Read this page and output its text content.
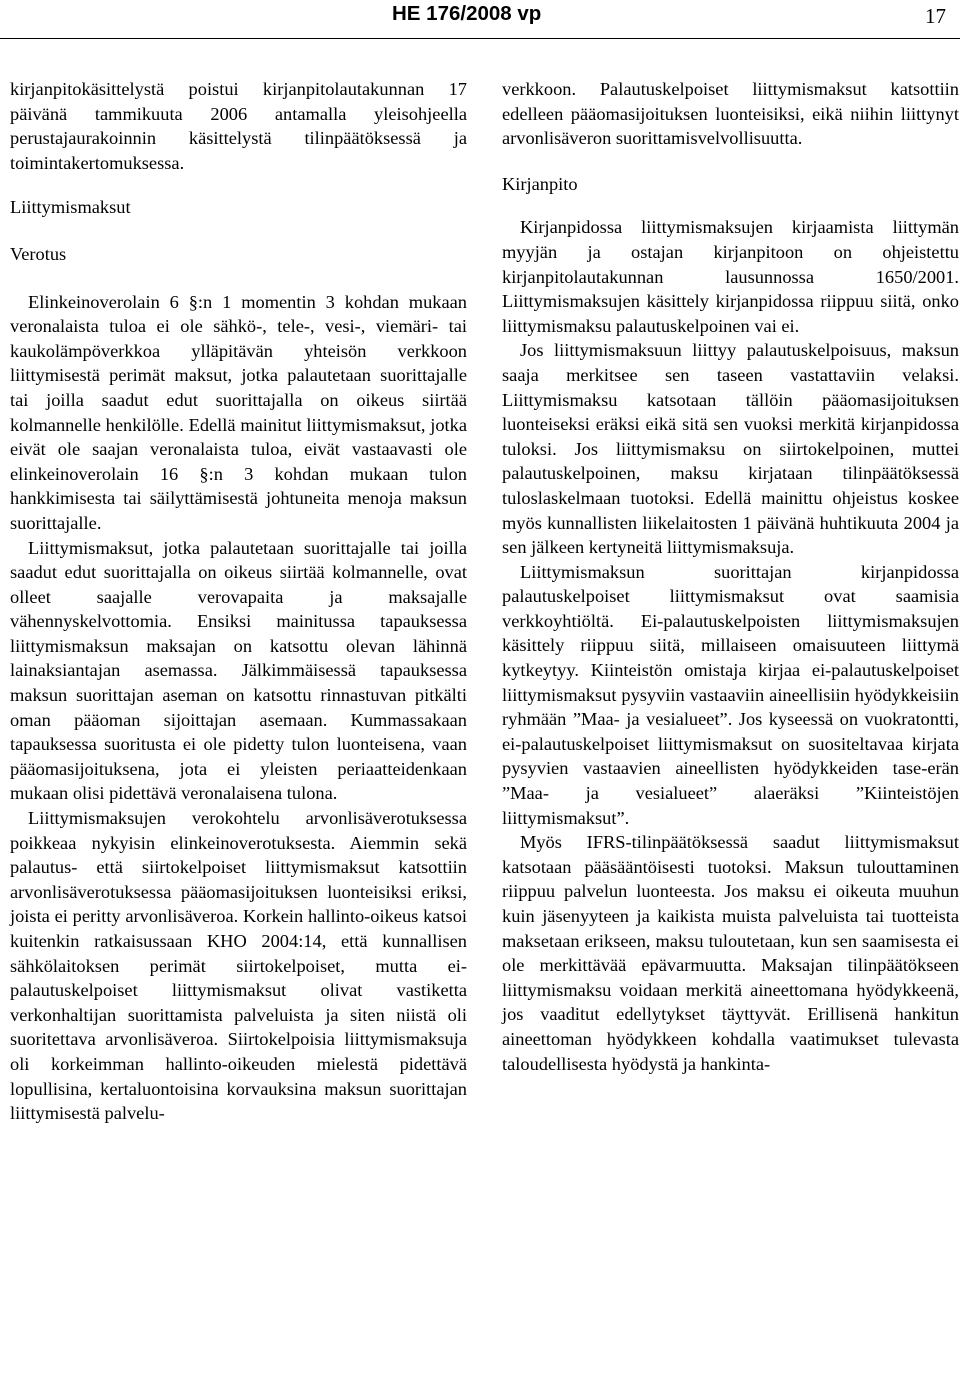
HE 176/2008 vp	17

kirjanpitokäsittelystä poistui kirjanpitolautakunnan 17 päivänä tammikuuta 2006 antamalla yleisohjeella perustajaurakoinnin käsittelystä tilinpäätöksessä ja toimintakertomuksessa.

Liittymismaksut

Verotus

Elinkeinoverolain 6 §:n 1 momentin 3 kohdan mukaan veronalaista tuloa ei ole sähkö-, tele-, vesi-, viemäri- tai kaukolämpöverkkoa ylläpitävän yhteisön verkkoon liittymisestä perimät maksut, jotka palautetaan suorittajalle tai joilla saadut edut suorittajalla on oikeus siirtää kolmannelle henkilölle. Edellä mainitut liittymismaksut, jotka eivät ole saajan veronalaista tuloa, eivät vastaavasti ole elinkeinoverolain 16 §:n 3 kohdan mukaan tulon hankkimisesta tai säilyttämisestä johtuneita menoja maksun suorittajalle.

Liittymismaksut, jotka palautetaan suorittajalle tai joilla saadut edut suorittajalla on oikeus siirtää kolmannelle, ovat olleet saajalle verovapaita ja maksajalle vähennyskelvottomia. Ensiksi mainitussa tapauksessa liittymismaksun maksajan on katsottu olevan lähinnä lainaksiantajan asemassa. Jälkimmäisessä tapauksessa maksun suorittajan aseman on katsottu rinnastuvan pitkälti oman pääoman sijoittajan asemaan. Kummassakaan tapauksessa suoritusta ei ole pidetty tulon luonteisena, vaan pääomasijoituksena, jota ei yleisten periaatteidenkaan mukaan olisi pidettävä veronalaisena tulona.

Liittymismaksujen verokohtelu arvonlisäverotuksessa poikkeaa nykyisin elinkeinoverotuksesta. Aiemmin sekä palautus- että siirtokelpoiset liittymismaksut katsottiin arvonlisäverotuksessa pääomasijoituksen luonteisiksi eriksi, joista ei peritty arvonlisäveroa. Korkein hallinto-oikeus katsoi kuitenkin ratkaisussaan KHO 2004:14, että kunnallisen sähkölaitoksen perimät siirtokelpoiset, mutta ei-palautuskelpoiset liittymismaksut olivat vastiketta verkonhaltijan suorittamista palveluista ja siten niistä oli suoritettava arvonlisäveroa. Siirtokelpoisia liittymismaksuja oli korkeimman hallinto-oikeuden mielestä pidettävä lopullisina, kertaluontoisina korvauksina maksun suorittajan liittymisestä palvelu-

verkkoon. Palautuskelpoiset liittymismaksut katsottiin edelleen pääomasijoituksen luonteisiksi, eikä niihin liittynyt arvonlisäveron suorittamisvelvollisuutta.

Kirjanpito

Kirjanpidossa liittymismaksujen kirjaamista liittymän myyjän ja ostajan kirjanpitoon on ohjeistettu kirjanpitolautakunnan lausunnossa 1650/2001. Liittymismaksujen käsittely kirjanpidossa riippuu siitä, onko liittymismaksu palautuskelpoinen vai ei.

Jos liittymismaksuun liittyy palautuskelpoisuus, maksun saaja merkitsee sen taseen vastattaviin velaksi. Liittymismaksu katsotaan tällöin pääomasijoituksen luonteiseksi eräksi eikä sitä sen vuoksi merkitä kirjanpidossa tuloksi. Jos liittymismaksu on siirtokelpoinen, muttei palautuskelpoinen, maksu kirjataan tilinpäätöksessä tuloslaskelmaan tuotoksi. Edellä mainittu ohjeistus koskee myös kunnallisten liikelaitosten 1 päivänä huhtikuuta 2004 ja sen jälkeen kertyneitä liittymismaksuja.

Liittymismaksun suorittajan kirjanpidossa palautuskelpoiset liittymismaksut ovat saamisia verkkoyhtiöltä. Ei-palautuskelpoisten liittymismaksujen käsittely riippuu siitä, millaiseen omaisuuteen liittymä kytkeytyy. Kiinteistön omistaja kirjaa ei-palautuskelpoiset liittymismaksut pysyviin vastaaviin aineellisiin hyödykkeisiin ryhmään ”Maa- ja vesialueet”. Jos kyseessä on vuokratontti, ei-palautuskelpoiset liittymismaksut on suositeltavaa kirjata pysyvien vastaavien aineellisten hyödykkeiden tase-erän ”Maa- ja vesialueet” alaeräksi ”Kiinteistöjen liittymismaksut”.

Myös IFRS-tilinpäätöksessä saadut liittymismaksut katsotaan pääsääntöisesti tuotoksi. Maksun tulouttaminen riippuu palvelun luonteesta. Jos maksu ei oikeuta muuhun kuin jäsenyyteen ja kaikista muista palveluista tai tuotteista maksetaan erikseen, maksu tuloutetaan, kun sen saamisesta ei ole merkittävää epävarmuutta. Maksajan tilinpäätökseen liittymismaksu voidaan merkitä aineettomana hyödykkeenä, jos vaaditut edellytykset täyttyvät. Erillisenä hankitun aineettoman hyödykkeen kohdalla vaatimukset tulevasta taloudellisesta hyödystä ja hankinta-
